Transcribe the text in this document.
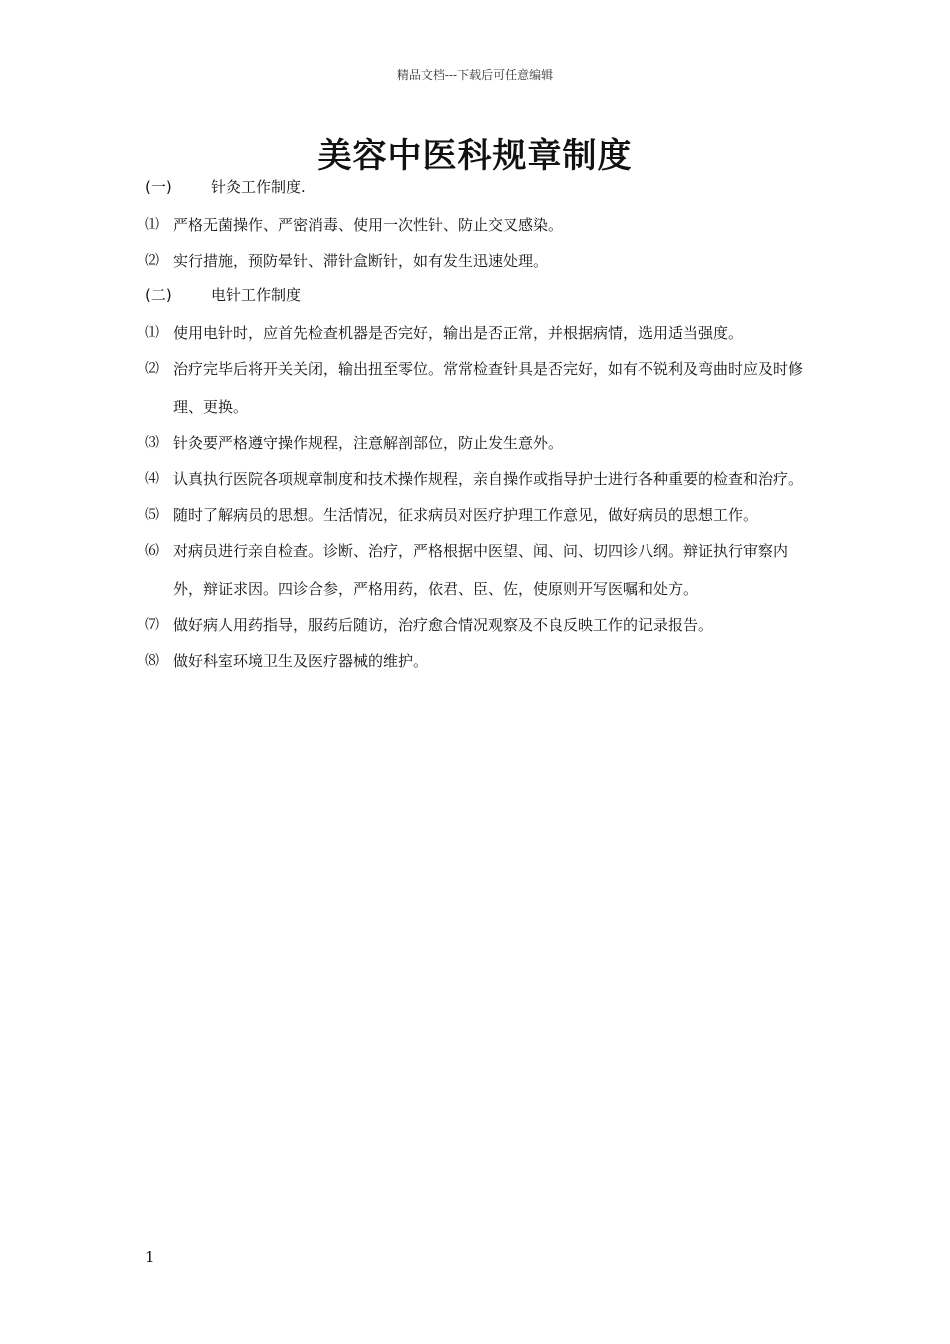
精品文档---下载后可任意编辑
美容中医科规章制度
(一)	针灸工作制度.
⑴ 严格无菌操作、严密消毒、使用一次性针、防止交叉感染。
⑵ 实行措施，预防晕针、滞针盒断针，如有发生迅速处理。
(二)	电针工作制度
⑴ 使用电针时，应首先检查机器是否完好，输出是否正常，并根据病情，选用适当强度。
⑵ 治疗完毕后将开关关闭，输出扭至零位。常常检查针具是否完好，如有不锐利及弯曲时应及时修理、更换。
⑶ 针灸要严格遵守操作规程，注意解剖部位，防止发生意外。
⑷ 认真执行医院各项规章制度和技术操作规程，亲自操作或指导护士进行各种重要的检查和治疗。
⑸ 随时了解病员的思想。生活情况，征求病员对医疗护理工作意见，做好病员的思想工作。
⑹ 对病员进行亲自检查。诊断、治疗，严格根据中医望、闻、问、切四诊八纲。辩证执行审察内外，辩证求因。四诊合参，严格用药，依君、臣、佐，使原则开写医嘱和处方。
⑺ 做好病人用药指导，服药后随访，治疗愈合情况观察及不良反映工作的记录报告。
⑻ 做好科室环境卫生及医疗器械的维护。
1
